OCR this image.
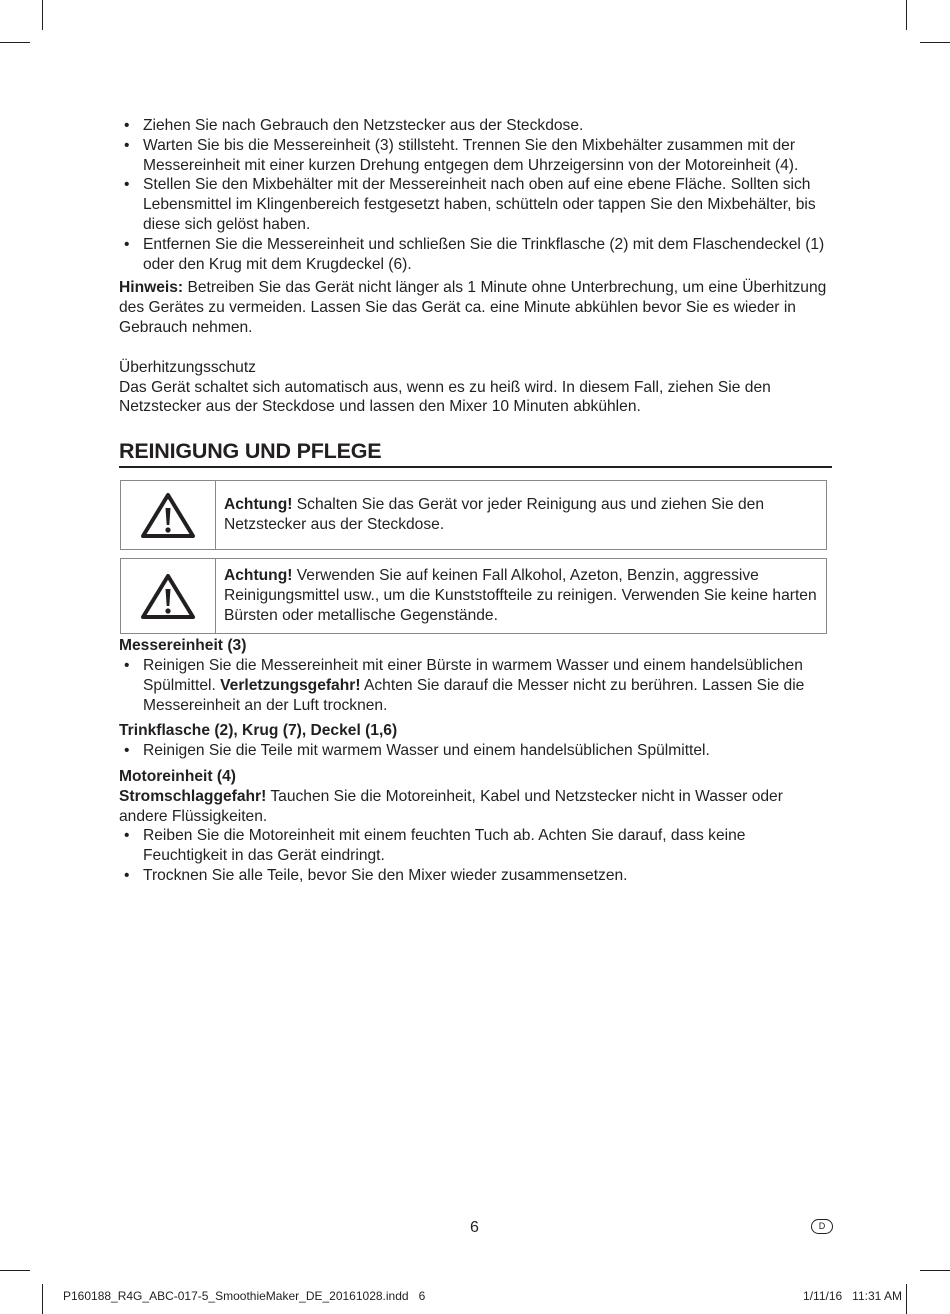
• Ziehen Sie nach Gebrauch den Netzstecker aus der Steckdose.
• Warten Sie bis die Messereinheit (3) stillsteht. Trennen Sie den Mixbehälter zusammen mit der Messereinheit mit einer kurzen Drehung entgegen dem Uhrzeigersinn von der Motoreinheit (4).
• Stellen Sie den Mixbehälter mit der Messereinheit nach oben auf eine ebene Fläche. Sollten sich Lebensmittel im Klingenbereich festgesetzt haben, schütteln oder tappen Sie den Mixbehälter, bis diese sich gelöst haben.
• Entfernen Sie die Messereinheit und schließen Sie die Trinkflasche (2) mit dem Flaschendeckel (1) oder den Krug mit dem Krugdeckel (6).

Hinweis: Betreiben Sie das Gerät nicht länger als 1 Minute ohne Unterbrechung, um eine Überhitzung des Gerätes zu vermeiden. Lassen Sie das Gerät ca. eine Minute abkühlen bevor Sie es wieder in Gebrauch nehmen.

Überhitzungsschutz

Das Gerät schaltet sich automatisch aus, wenn es zu heiß wird. In diesem Fall, ziehen Sie den Netzstecker aus der Steckdose und lassen den Mixer 10 Minuten abkühlen.

REINIGUNG UND PFLEGE
Achtung! Schalten Sie das Gerät vor jeder Reinigung aus und ziehen Sie den Netzstecker aus der Steckdose.
Achtung! Verwenden Sie auf keinen Fall Alkohol, Azeton, Benzin, aggressive Reinigungsmittel usw., um die Kunststoffteile zu reinigen. Verwenden Sie keine harten Bürsten oder metallische Gegenstände.

Messereinheit (3)

• Reinigen Sie die Messereinheit mit einer Bürste in warmem Wasser und einem handelsüblichen Spülmittel. Verletzungsgefahr! Achten Sie darauf die Messer nicht zu berühren. Lassen Sie die Messereinheit an der Luft trocknen.

Trinkflasche (2), Krug (7), Deckel (1,6)

• Reinigen Sie die Teile mit warmem Wasser und einem handelsüblichen Spülmittel.

Motoreinheit (4)

Stromschlaggefahr! Tauchen Sie die Motoreinheit, Kabel und Netzstecker nicht in Wasser oder andere Flüssigkeiten.

• Reiben Sie die Motoreinheit mit einem feuchten Tuch ab. Achten Sie darauf, dass keine Feuchtigkeit in das Gerät eindringt.
• Trocknen Sie alle Teile, bevor Sie den Mixer wieder zusammensetzen.
6	D
P160188_R4G_ABC-017-5_SmoothieMaker_DE_20161028.indd   6	1/11/16   11:31 AM
